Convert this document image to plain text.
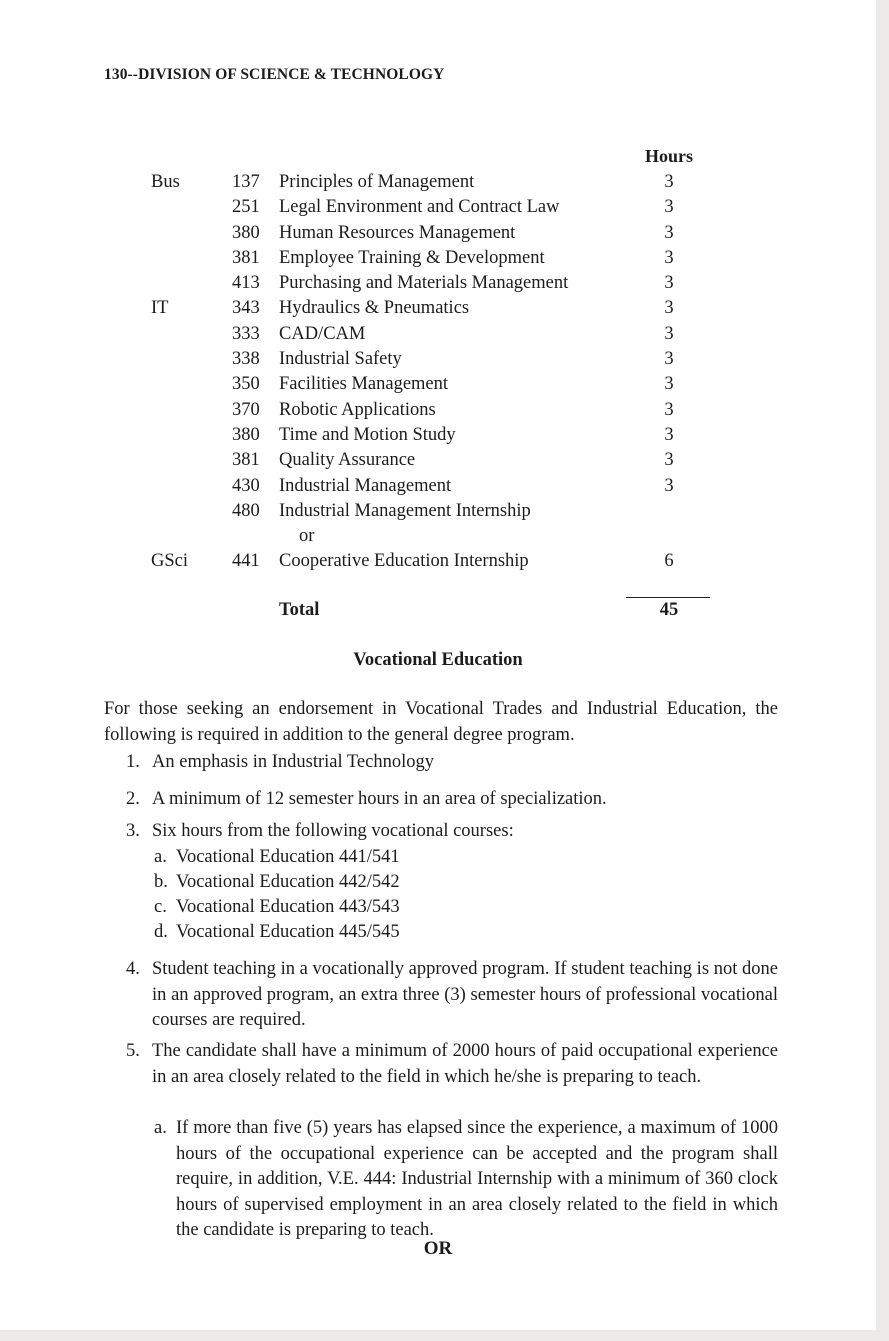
130--DIVISION OF SCIENCE & TECHNOLOGY
Hours
Bus	137 Principles of Management	3
251 Legal Environment and Contract Law	3
380 Human Resources Management	3
381 Employee Training & Development	3
413 Purchasing and Materials Management	3
IT	343 Hydraulics & Pneumatics	3
333 CAD/CAM	3
338 Industrial Safety	3
350 Facilities Management	3
370 Robotic Applications	3
380 Time and Motion Study	3
381 Quality Assurance	3
430 Industrial Management	3
480 Industrial Management Internship
or
GSci 441 Cooperative Education Internship	6
Total	45
Vocational Education
For those seeking an endorsement in Vocational Trades and Industrial Education, the following is required in addition to the general degree program.
1. An emphasis in Industrial Technology
2. A minimum of 12 semester hours in an area of specialization.
3. Six hours from the following vocational courses:
a. Vocational Education 441/541
b. Vocational Education 442/542
c. Vocational Education 443/543
d. Vocational Education 445/545
4. Student teaching in a vocationally approved program. If student teaching is not done in an approved program, an extra three (3) semester hours of professional vocational courses are required.
5. The candidate shall have a minimum of 2000 hours of paid occupational experience in an area closely related to the field in which he/she is preparing to teach.
a. If more than five (5) years has elapsed since the experience, a maximum of 1000 hours of the occupational experience can be accepted and the program shall require, in addition, V.E. 444: Industrial Internship with a minimum of 360 clock hours of supervised employment in an area closely related to the field in which the candidate is preparing to teach.
OR
